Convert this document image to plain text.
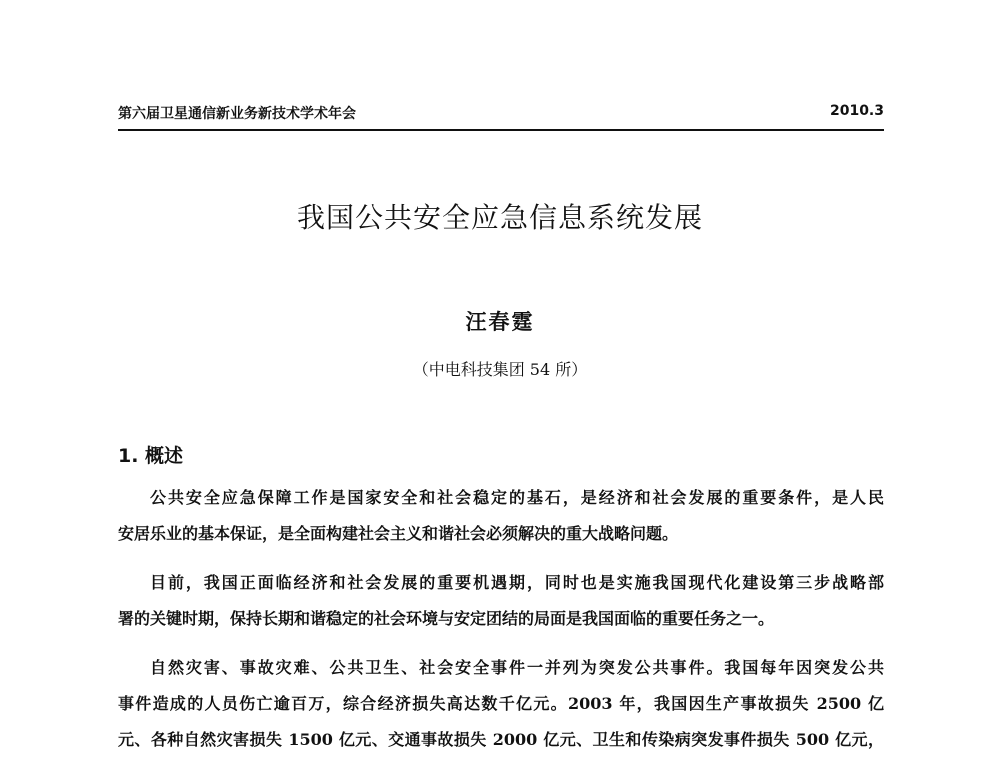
第六届卫星通信新业务新技术学术年会	2010.3
我国公共安全应急信息系统发展
汪春霆
（中电科技集团 54 所）
1. 概述
公共安全应急保障工作是国家安全和社会稳定的基石，是经济和社会发展的重要条件，是人民
安居乐业的基本保证，是全面构建社会主义和谐社会必须解决的重大战略问题。
目前，我国正面临经济和社会发展的重要机遇期，同时也是实施我国现代化建设第三步战略部
署的关键时期，保持长期和谐稳定的社会环境与安定团结的局面是我国面临的重要任务之一。
自然灾害、事故灾难、公共卫生、社会安全事件一并列为突发公共事件。我国每年因突发公共
事件造成的人员伤亡逾百万，综合经济损失高达数千亿元。2003 年，我国因生产事故损失 2500 亿
元、各种自然灾害损失 1500 亿元、交通事故损失 2000 亿元、卫生和传染病突发事件损失 500 亿元，
